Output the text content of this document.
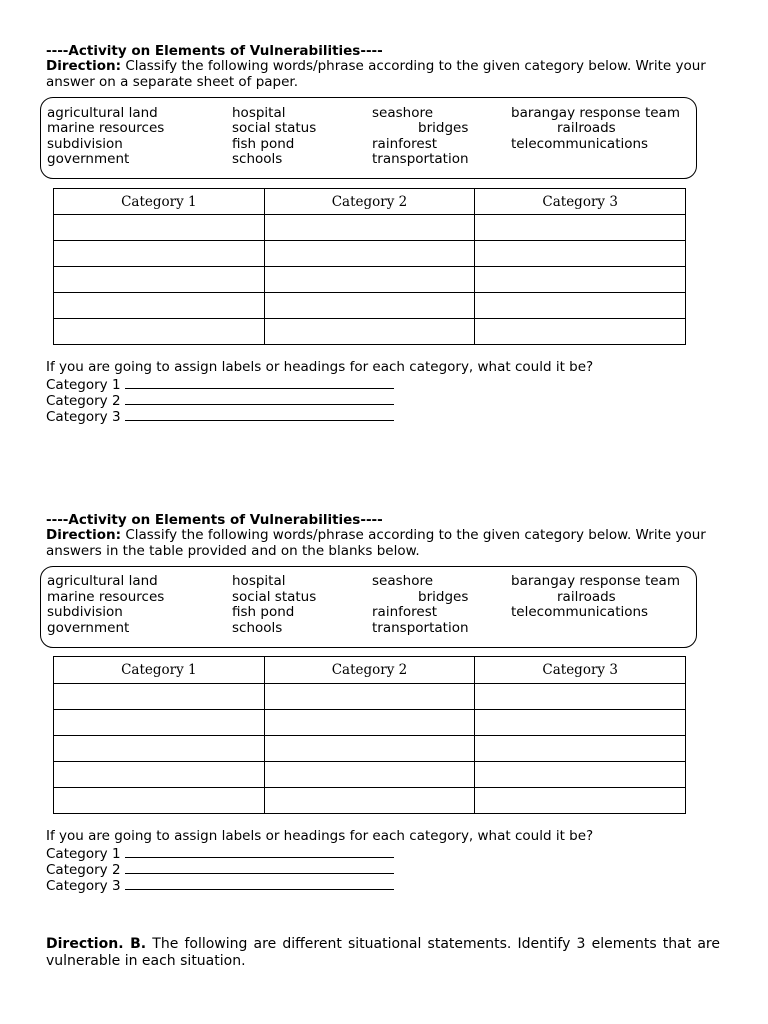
----Activity on Elements of Vulnerabilities----
Direction: Classify the following words/phrase according to the given category below. Write your answer on a separate sheet of paper.
agricultural land	hospital	seashore	barangay response team
marine resources	social status	bridges	railroads
subdivision	fish pond	rainforest	telecommunications
government	schools	transportation
Category 1	Category 2	Category 3

If you are going to assign labels or headings for each category, what could it be?
Category 1
Category 2
Category 3
----Activity on Elements of Vulnerabilities----
Direction: Classify the following words/phrase according to the given category below. Write your answers in the table provided and on the blanks below.
agricultural land	hospital	seashore	barangay response team
marine resources	social status	bridges	railroads
subdivision	fish pond	rainforest	telecommunications
government	schools	transportation
Category 1	Category 2	Category 3

If you are going to assign labels or headings for each category, what could it be?
Category 1
Category 2
Category 3
Direction. B. The following are different situational statements. Identify 3 elements that are vulnerable in each situation.
